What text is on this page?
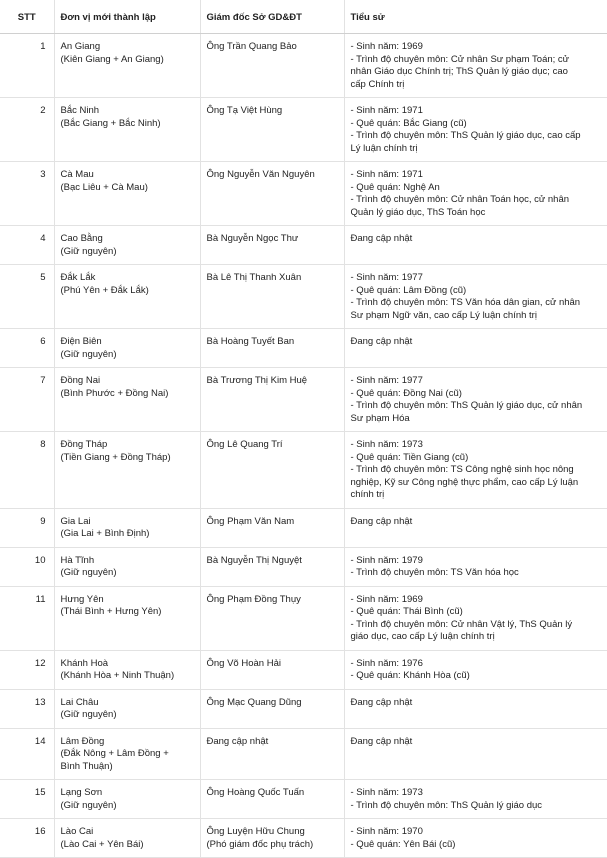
STT	Đơn vị mới thành lập	Giám đốc Sở GD&ĐT	Tiểu sử
1	An Giang
(Kiên Giang + An Giang)	Ông Trần Quang Bảo	- Sinh năm: 1969
- Trình độ chuyên môn: Cử nhân Sư phạm Toán; cử
nhân Giáo dục Chính trị; ThS Quản lý giáo dục; cao
cấp Chính trị

2	Bắc Ninh
(Bắc Giang + Bắc Ninh)	Ông Tạ Việt Hùng	- Sinh năm: 1971
- Quê quán: Bắc Giang (cũ)
- Trình độ chuyên môn: ThS Quản lý giáo dục, cao cấp
Lý luận chính trị

3	Cà Mau
(Bạc Liêu + Cà Mau)	Ông Nguyễn Văn Nguyên	- Sinh năm: 1971
- Quê quán: Nghệ An
- Trình độ chuyên môn: Cử nhân Toán học, cử nhân
Quản lý giáo dục, ThS Toán học

4	Cao Bằng
(Giữ nguyên)	Bà Nguyễn Ngọc Thư	Đang cập nhật

5	Đắk Lắk
(Phú Yên + Đắk Lắk)	Bà Lê Thị Thanh Xuân	- Sinh năm: 1977
- Quê quán: Lâm Đồng (cũ)
- Trình độ chuyên môn: TS Văn hóa dân gian, cử nhân
Sư phạm Ngữ văn, cao cấp Lý luận chính trị

6	Điện Biên
(Giữ nguyên)	Bà Hoàng Tuyết Ban	Đang cập nhật

7	Đồng Nai
(Bình Phước + Đồng Nai)	Bà Trương Thị Kim Huệ	- Sinh năm: 1977
- Quê quán: Đồng Nai (cũ)
- Trình độ chuyên môn: ThS Quản lý giáo dục, cử nhân
Sư phạm Hóa

8	Đồng Tháp
(Tiền Giang + Đồng Tháp)	Ông Lê Quang Trí	- Sinh năm: 1973
- Quê quán: Tiền Giang (cũ)
- Trình độ chuyên môn: TS Công nghệ sinh học nông
nghiệp, Kỹ sư Công nghệ thực phẩm, cao cấp Lý luận
chính trị

9	Gia Lai
(Gia Lai + Bình Định)	Ông Phạm Văn Nam	Đang cập nhật

10	Hà Tĩnh
(Giữ nguyên)	Bà Nguyễn Thị Nguyệt	- Sinh năm: 1979
- Trình độ chuyên môn: TS Văn hóa học

11	Hưng Yên
(Thái Bình + Hưng Yên)	Ông Phạm Đồng Thụy	- Sinh năm: 1969
- Quê quán: Thái Bình (cũ)
- Trình độ chuyên môn: Cử nhân Vật lý, ThS Quản lý
giáo dục, cao cấp Lý luận chính trị

12	Khánh Hoà
(Khánh Hòa + Ninh Thuận)	Ông Võ Hoàn Hải	- Sinh năm: 1976
- Quê quán: Khánh Hòa (cũ)

13	Lai Châu
(Giữ nguyên)	Ông Mạc Quang Dũng	Đang cập nhật

14	Lâm Đồng
(Đắk Nông + Lâm Đồng +
Bình Thuận)	Đang cập nhật	Đang cập nhật

15	Lạng Sơn
(Giữ nguyên)	Ông Hoàng Quốc Tuấn	- Sinh năm: 1973
- Trình độ chuyên môn: ThS Quản lý giáo dục

16	Lào Cai
(Lào Cai + Yên Bái)	Ông Luyện Hữu Chung
(Phó giám đốc phụ trách)	- Sinh năm: 1970
- Quê quán: Yên Bái (cũ)
